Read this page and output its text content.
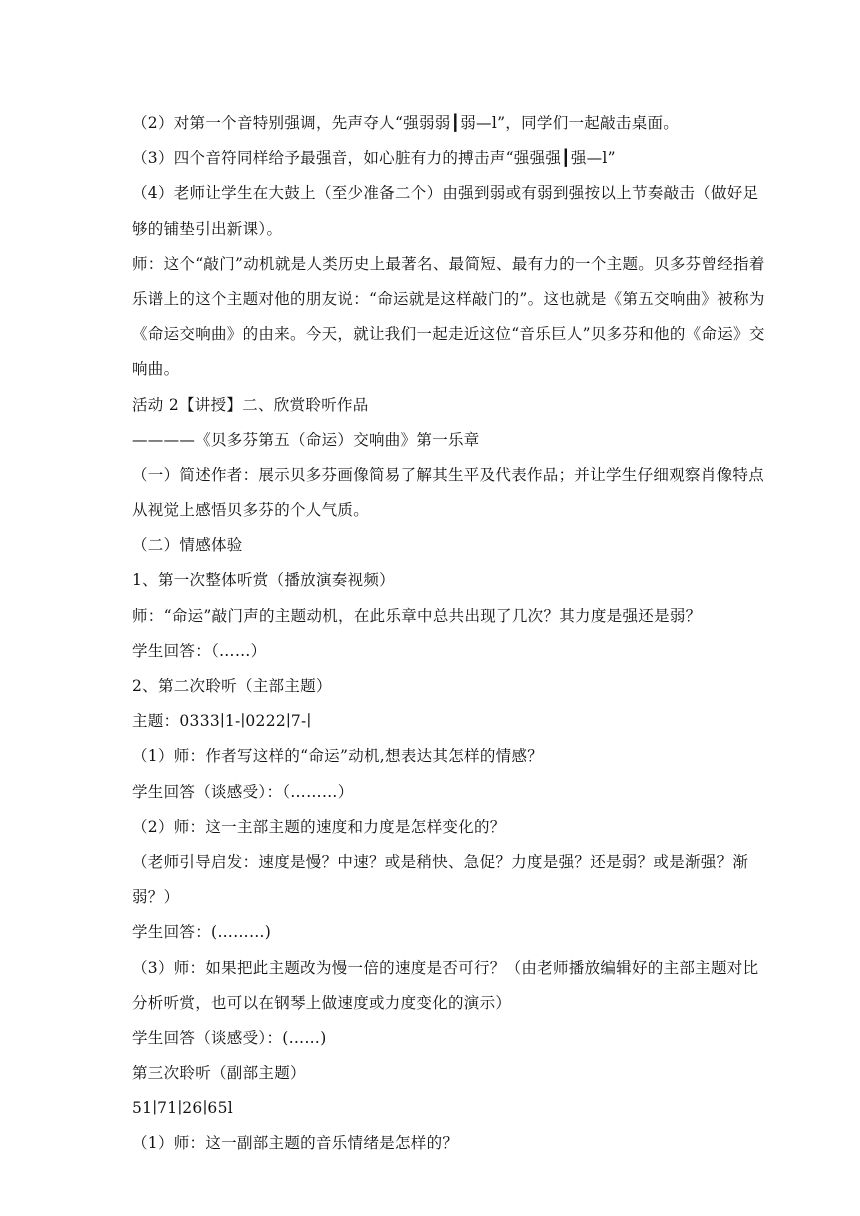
（2）对第一个音特别强调，先声夺人“强弱弱┃弱—l”，同学们一起敲击桌面。
（3）四个音符同样给予最强音，如心脏有力的搏击声“强强强┃强—l”
（4）老师让学生在大鼓上（至少准备二个）由强到弱或有弱到强按以上节奏敲击（做好足
够的铺垫引出新课）。
师：这个“敲门”动机就是人类历史上最著名、最简短、最有力的一个主题。贝多芬曾经指着
乐谱上的这个主题对他的朋友说：“命运就是这样敲门的”。这也就是《第五交响曲》被称为
《命运交响曲》的由来。今天，就让我们一起走近这位“音乐巨人”贝多芬和他的《命运》交
响曲。
活动 2【讲授】二、欣赏聆听作品
————《贝多芬第五（命运）交响曲》第一乐章
（一）简述作者：展示贝多芬画像简易了解其生平及代表作品；并让学生仔细观察肖像特点
从视觉上感悟贝多芬的个人气质。
（二）情感体验
1、第一次整体听赏（播放演奏视频）
师：“命运”敲门声的主题动机，在此乐章中总共出现了几次？其力度是强还是弱？
学生回答：（……）
2、第二次聆听（主部主题）
主题：0333∣1-∣0222∣7-∣
（1）师：作者写这样的“命运”动机,想表达其怎样的情感？
学生回答（谈感受）：（………）
（2）师：这一主部主题的速度和力度是怎样变化的？
（老师引导启发：速度是慢？中速？或是稍快、急促？力度是强？还是弱？或是渐强？渐
弱？）
学生回答：(………)
（3）师：如果把此主题改为慢一倍的速度是否可行？（由老师播放编辑好的主部主题对比
分析听赏，也可以在钢琴上做速度或力度变化的演示）
学生回答（谈感受）：(……)
第三次聆听（副部主题）
51∣71∣26∣65l
（1）师：这一副部主题的音乐情绪是怎样的？
